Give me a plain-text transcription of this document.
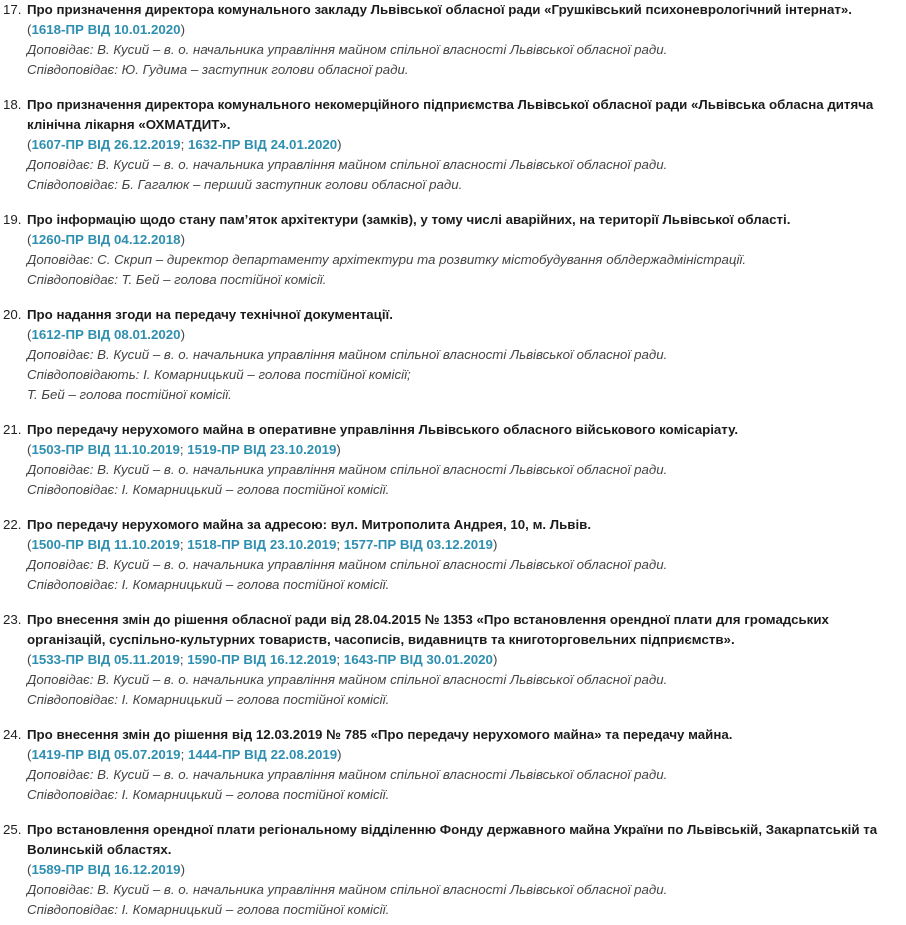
17. Про призначення директора комунального закладу Львівської обласної ради «Грушківський психоневрологічний інтернат».
(1618-ПР ВІД 10.01.2020)
Доповідає: В. Кусий – в. о. начальника управління майном спільної власності Львівської обласної ради.
Співдоповідає: Ю. Гудима – заступник голови обласної ради.
18. Про призначення директора комунального некомерційного підприємства Львівської обласної ради «Львівська обласна дитяча клінічна лікарня «ОХМАТДИТ».
(1607-ПР ВІД 26.12.2019; 1632-ПР ВІД 24.01.2020)
Доповідає: В. Кусий – в. о. начальника управління майном спільної власності Львівської обласної ради.
Співдоповідає: Б. Гагалюк – перший заступник голови обласної ради.
19. Про інформацію щодо стану пам’яток архітектури (замків), у тому числі аварійних, на території Львівської області.
(1260-ПР ВІД 04.12.2018)
Доповідає: С. Скрип – директор департаменту архітектури та розвитку містобудування облдержадміністрації.
Співдоповідає: Т. Бей – голова постійної комісії.
20. Про надання згоди на передачу технічної документації.
(1612-ПР ВІД 08.01.2020)
Доповідає: В. Кусий – в. о. начальника управління майном спільної власності Львівської обласної ради.
Співдоповідають: І. Комарницький – голова постійної комісії;
Т. Бей – голова постійної комісії.
21. Про передачу нерухомого майна в оперативне управління Львівського обласного військового комісаріату.
(1503-ПР ВІД 11.10.2019; 1519-ПР ВІД 23.10.2019)
Доповідає: В. Кусий – в. о. начальника управління майном спільної власності Львівської обласної ради.
Співдоповідає: І. Комарницький – голова постійної комісії.
22. Про передачу нерухомого майна за адресою: вул. Митрополита Андрея, 10, м. Львів.
(1500-ПР ВІД 11.10.2019; 1518-ПР ВІД 23.10.2019; 1577-ПР ВІД 03.12.2019)
Доповідає: В. Кусий – в. о. начальника управління майном спільної власності Львівської обласної ради.
Співдоповідає: І. Комарницький – голова постійної комісії.
23. Про внесення змін до рішення обласної ради від 28.04.2015 № 1353 «Про встановлення орендної плати для громадських організацій, суспільно-культурних товариств, часописів, видавництв та книготорговельних підприємств».
(1533-ПР ВІД 05.11.2019; 1590-ПР ВІД 16.12.2019; 1643-ПР ВІД 30.01.2020)
Доповідає: В. Кусий – в. о. начальника управління майном спільної власності Львівської обласної ради.
Співдоповідає: І. Комарницький – голова постійної комісії.
24. Про внесення змін до рішення від 12.03.2019 № 785 «Про передачу нерухомого майна» та передачу майна.
(1419-ПР ВІД 05.07.2019; 1444-ПР ВІД 22.08.2019)
Доповідає: В. Кусий – в. о. начальника управління майном спільної власності Львівської обласної ради.
Співдоповідає: І. Комарницький – голова постійної комісії.
25. Про встановлення орендної плати регіональному відділенню Фонду державного майна України по Львівській, Закарпатській та Волинській областях.
(1589-ПР ВІД 16.12.2019)
Доповідає: В. Кусий – в. о. начальника управління майном спільної власності Львівської обласної ради.
Співдоповідає: І. Комарницький – голова постійної комісії.
